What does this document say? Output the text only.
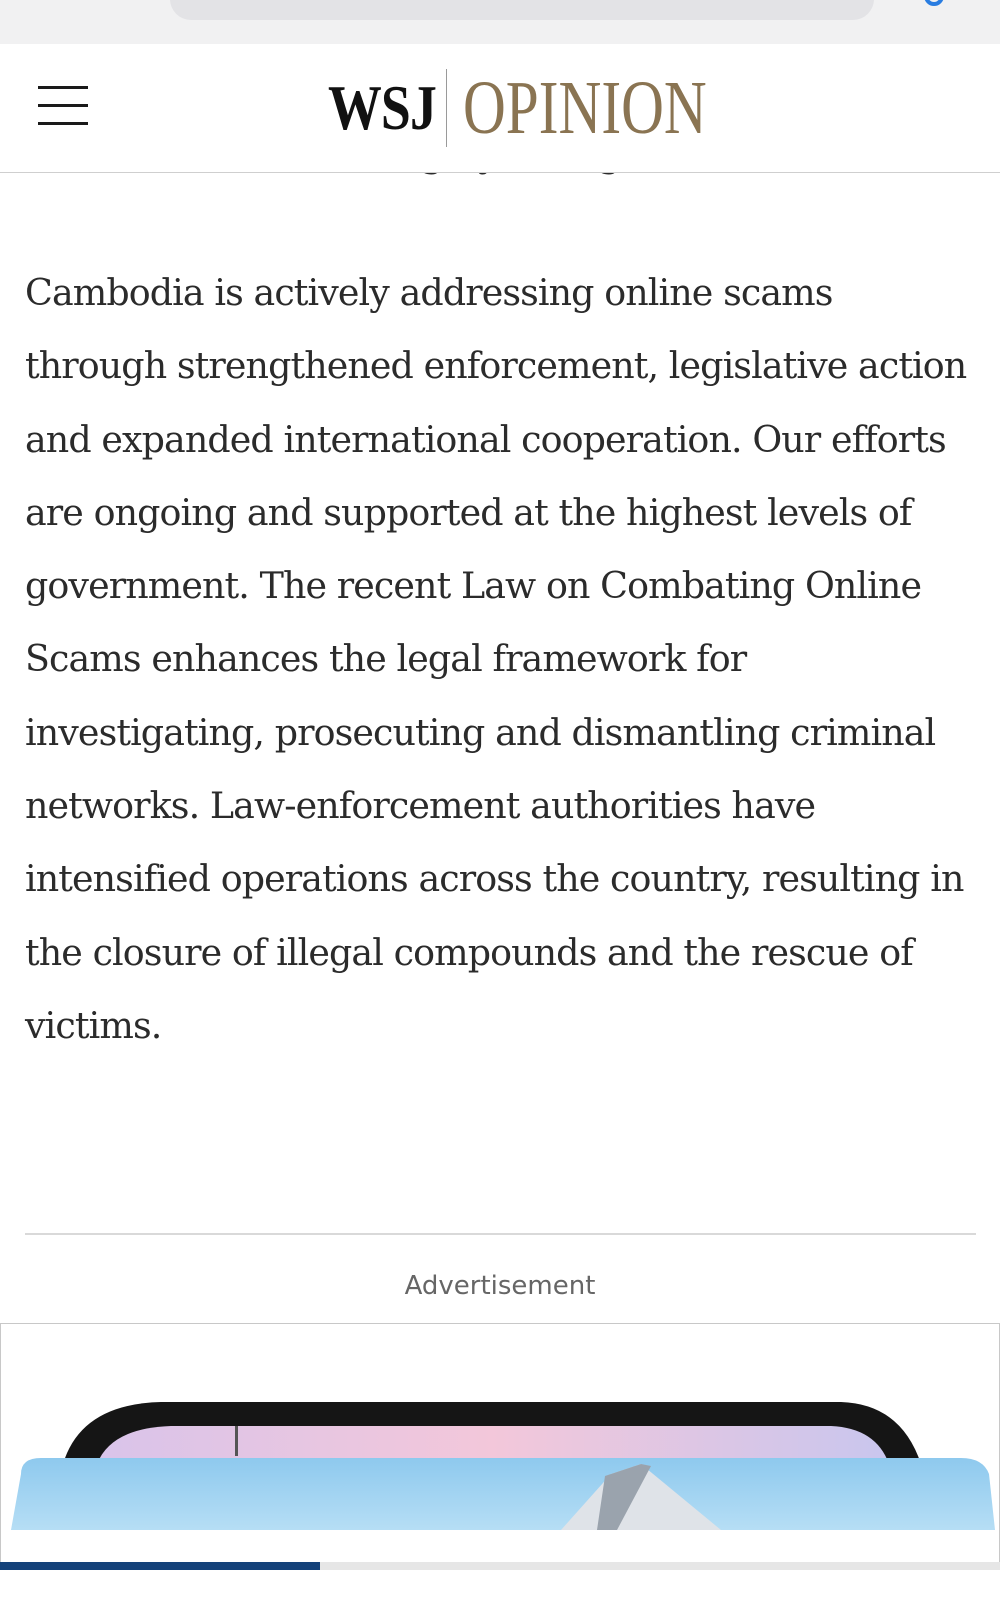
WSJ OPINION

Cambodia is actively addressing online scams through strengthened enforcement, legislative action and expanded international cooperation. Our efforts are ongoing and supported at the highest levels of government. The recent Law on Combating Online Scams enhances the legal framework for investigating, prosecuting and dismantling criminal networks. Law-enforcement authorities have intensified operations across the country, resulting in the closure of illegal compounds and the rescue of victims.

Advertisement
